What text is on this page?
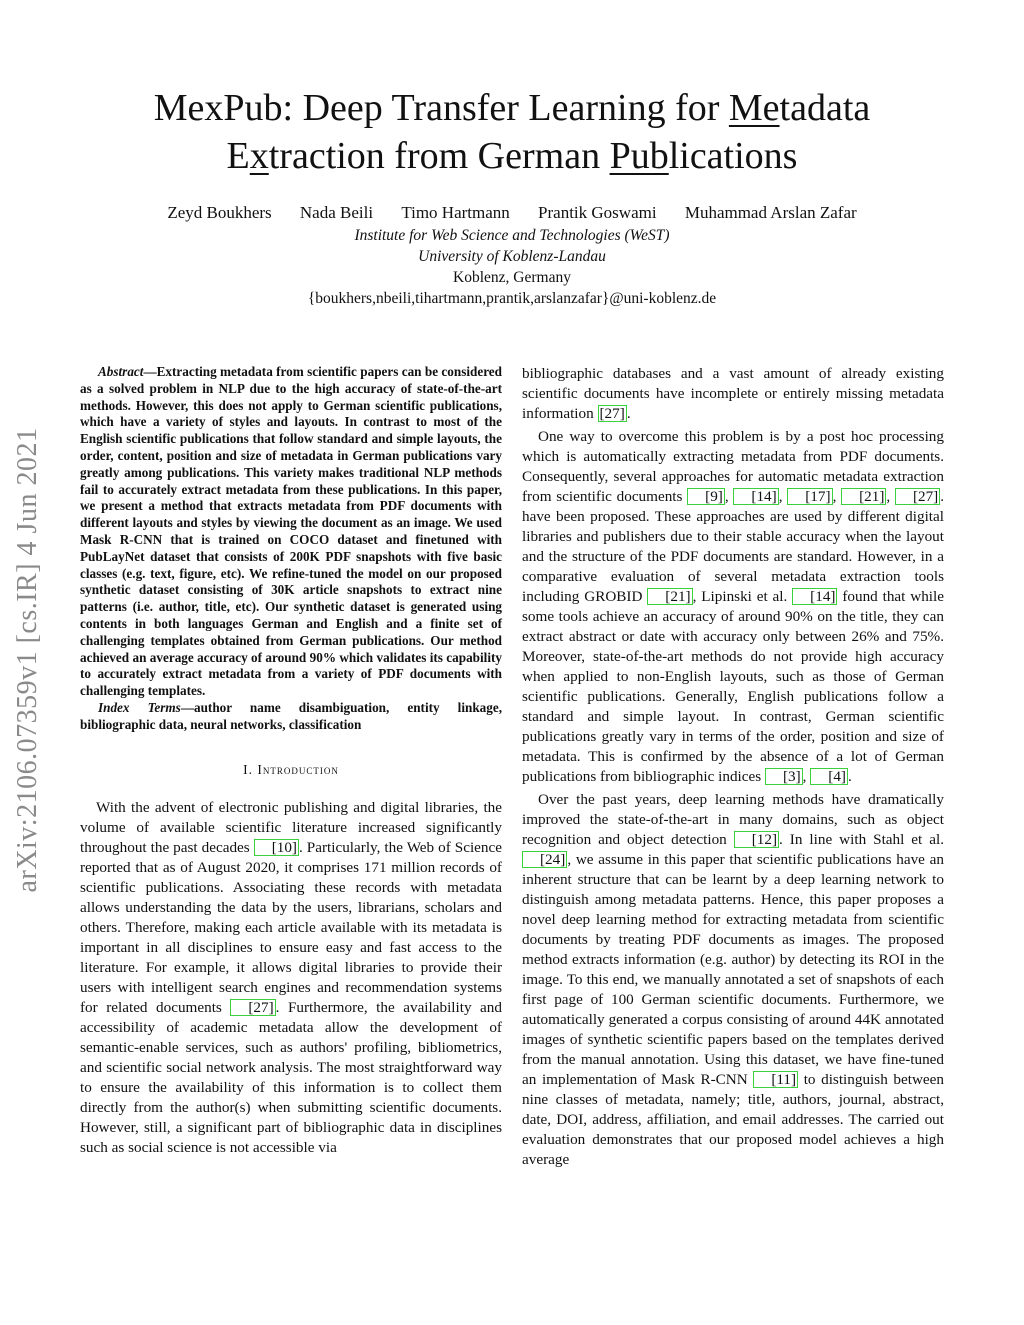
arXiv:2106.07359v1 [cs.IR] 4 Jun 2021
MexPub: Deep Transfer Learning for Metadata
Extraction from German Publications
Zeyd Boukhers Nada Beili Timo Hartmann Prantik Goswami Muhammad Arslan Zafar
Institute for Web Science and Technologies (WeST)
University of Koblenz-Landau
Koblenz, Germany
{boukhers,nbeili,tihartmann,prantik,arslanzafar}@uni-koblenz.de

Abstract—Extracting metadata from scientific papers can be considered as a solved problem in NLP due to the high accuracy of state-of-the-art methods. However, this does not apply to German scientific publications, which have a variety of styles and layouts. In contrast to most of the English scientific publications that follow standard and simple layouts, the order, content, position and size of metadata in German publications vary greatly among publications. This variety makes traditional NLP methods fail to accurately extract metadata from these publications. In this paper, we present a method that extracts metadata from PDF documents with different layouts and styles by viewing the document as an image. We used Mask R-CNN that is trained on COCO dataset and finetuned with PubLayNet dataset that consists of 200K PDF snapshots with five basic classes (e.g. text, figure, etc). We refine-tuned the model on our proposed synthetic dataset consisting of 30K article snapshots to extract nine patterns (i.e. author, title, etc). Our synthetic dataset is generated using contents in both languages German and English and a finite set of challenging templates obtained from German publications. Our method achieved an average accuracy of around 90% which validates its capability to accurately extract metadata from a variety of PDF documents with challenging templates.

Index Terms—author name disambiguation, entity linkage, bibliographic data, neural networks, classification

I. Introduction

With the advent of electronic publishing and digital libraries, the volume of available scientific literature increased significantly throughout the past decades [10] . Particularly, the Web of Science reported that as of August 2020, it comprises 171 million records of scientific publications. Associating these records with metadata allows understanding the data by the users, librarians, scholars and others. Therefore, making each article available with its metadata is important in all disciplines to ensure easy and fast access to the literature. For example, it allows digital libraries to provide their users with intelligent search engines and recommendation systems for related documents [27] . Furthermore, the availability and accessibility of academic metadata allow the development of semantic-enable services, such as authors' profiling, bibliometrics, and scientific social network analysis. The most straightforward way to ensure the availability of this information is to collect them directly from the author(s) when submitting scientific documents. However, still, a significant part of bibliographic data in disciplines such as social science is not accessible via

bibliographic databases and a vast amount of already existing scientific documents have incomplete or entirely missing metadata information [27] .

One way to overcome this problem is by a post hoc processing which is automatically extracting metadata from PDF documents. Consequently, several approaches for automatic metadata extraction from scientific documents [9] , [14] , [17] , [21] , [27] . have been proposed. These approaches are used by different digital libraries and publishers due to their stable accuracy when the layout and the structure of the PDF documents are standard. However, in a comparative evaluation of several metadata extraction tools including GROBID [21] , Lipinski et al. [14] found that while some tools achieve an accuracy of around 90% on the title, they can extract abstract or date with accuracy only between 26% and 75%. Moreover, state-of-the-art methods do not provide high accuracy when applied to non-English layouts, such as those of German scientific publications. Generally, English publications follow a standard and simple layout. In contrast, German scientific publications greatly vary in terms of the order, position and size of metadata. This is confirmed by the absence of a lot of German publications from bibliographic indices [3] , [4] .

Over the past years, deep learning methods have dramatically improved the state-of-the-art in many domains, such as object recognition and object detection [12] . In line with Stahl et al. [24] , we assume in this paper that scientific publications have an inherent structure that can be learnt by a deep learning network to distinguish among metadata patterns. Hence, this paper proposes a novel deep learning method for extracting metadata from scientific documents by treating PDF documents as images. The proposed method extracts information (e.g. author) by detecting its ROI in the image. To this end, we manually annotated a set of snapshots of each first page of 100 German scientific documents. Furthermore, we automatically generated a corpus consisting of around 44K annotated images of synthetic scientific papers based on the templates derived from the manual annotation. Using this dataset, we have fine-tuned an implementation of Mask R-CNN [11] to distinguish between nine classes of metadata, namely; title, authors, journal, abstract, date, DOI, address, affiliation, and email addresses. The carried out evaluation demonstrates that our proposed model achieves a high average
